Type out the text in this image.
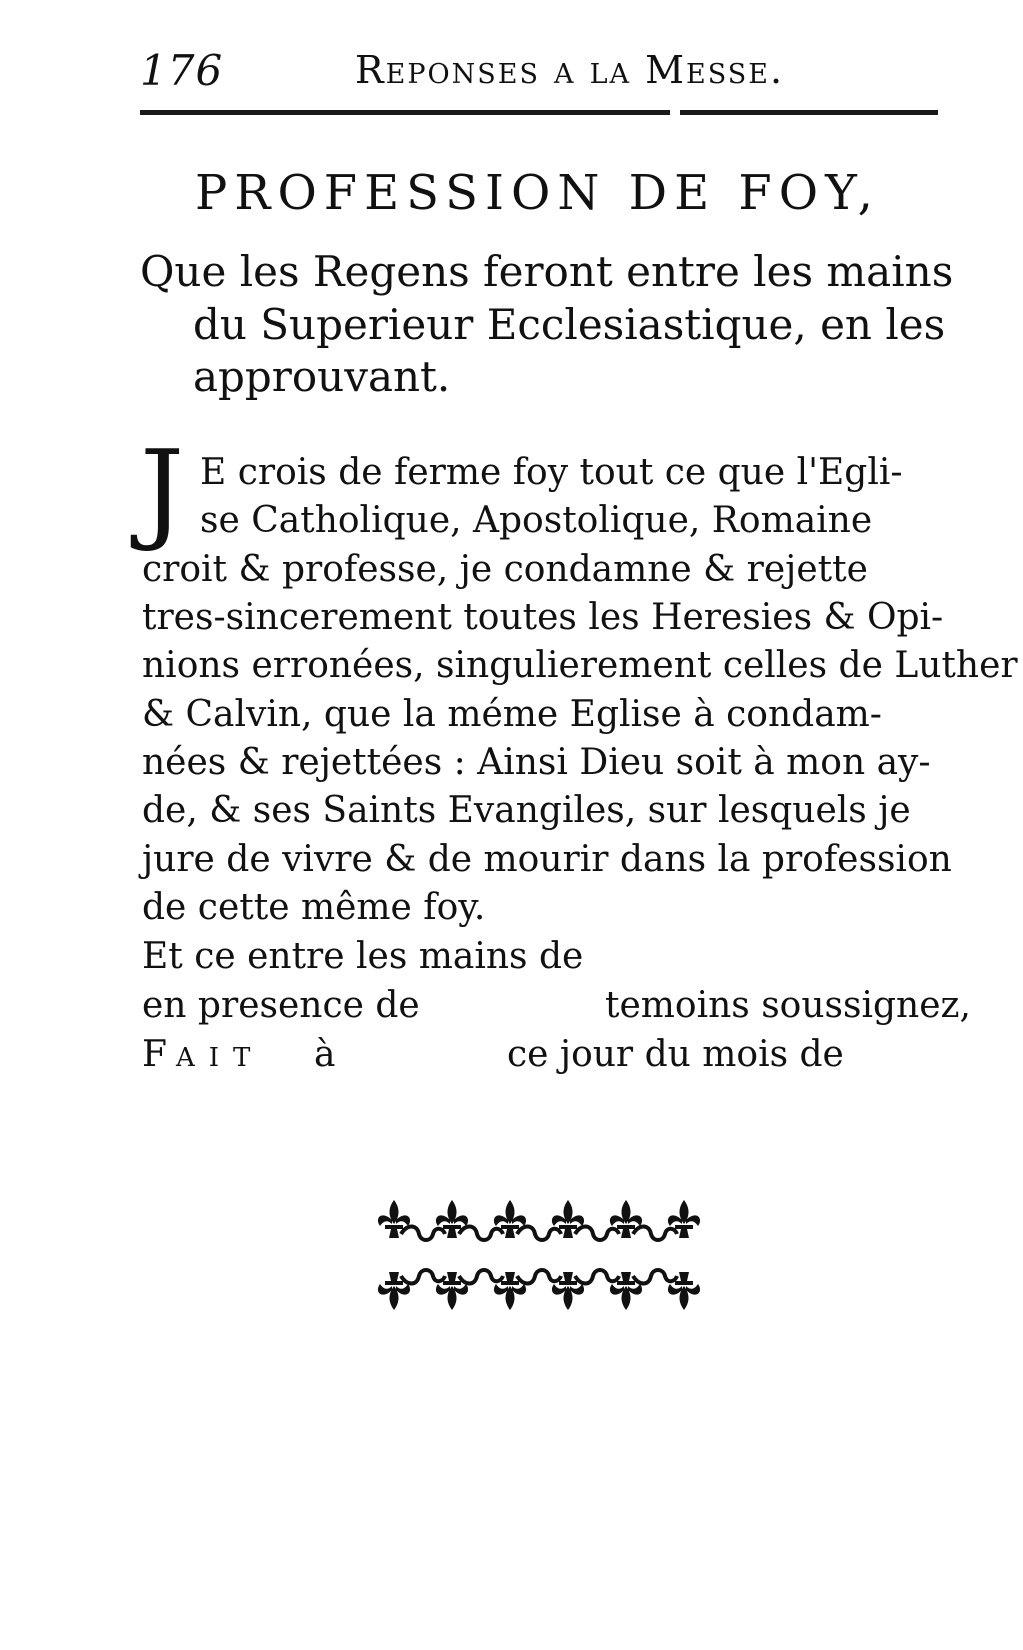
176	Reponses a la Messe.
PROFESSION DE FOY,
Que les Regens feront entre les mains
du Superieur Ecclesiastique, en les
approuvant.
J E crois de ferme foy tout ce que l'Egli-
se Catholique, Apostolique, Romaine
croit & professe, je condamne & rejette
tres-sincerement toutes les Heresies & Opi-
nions erronées, singulierement celles de Luther
& Calvin, que la méme Eglise à condam-
nées & rejettées : Ainsi Dieu soit à mon ay-
de, & ses Saints Evangiles, sur lesquels je
jure de vivre & de mourir dans la profession
de cette même foy.
Et ce entre les mains de
en presence de	temoins soussignez,
FAIT à	ce jour du mois de
